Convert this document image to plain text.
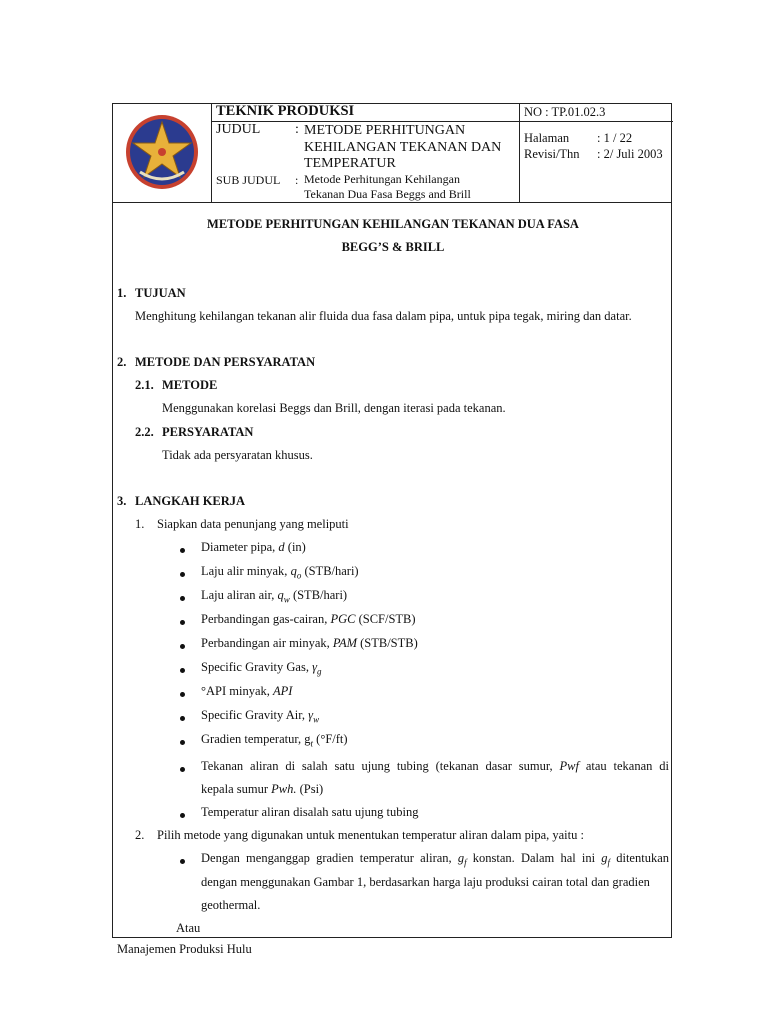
TEKNIK PRODUKSI
JUDUL : METODE PERHITUNGAN
KEHILANGAN TEKANAN DAN
TEMPERATUR
SUB JUDUL : Metode Perhitungan Kehilangan
Tekanan Dua Fasa Beggs and Brill
NO : TP.01.02.3
Halaman : 1 / 22
Revisi/Thn : 2/ Juli 2003
METODE PERHITUNGAN KEHILANGAN TEKANAN DUA FASA
BEGG’S & BRILL
1. TUJUAN
Menghitung kehilangan tekanan alir fluida dua fasa dalam pipa, untuk pipa tegak, miring dan datar.
2. METODE DAN PERSYARATAN
2.1. METODE
Menggunakan korelasi Beggs dan Brill, dengan iterasi pada tekanan.
2.2. PERSYARATAN
Tidak ada persyaratan khusus.
3. LANGKAH KERJA
1. Siapkan data penunjang yang meliputi
Diameter pipa, d (in)
Laju alir minyak, $q_o$ (STB/hari)
Laju aliran air, $q_w$ (STB/hari)
Perbandingan gas-cairan, PGC (SCF/STB)
Perbandingan air minyak, PAM (STB/STB)
Specific Gravity Gas, $\gamma_g$
°API minyak, API
Specific Gravity Air, $\gamma_w$
Gradien temperatur, $g_t$ (°F/ft)
Tekanan aliran di salah satu ujung tubing (tekanan dasar sumur, Pwf atau tekanan di
kepala sumur Pwh. (Psi)
Temperatur aliran disalah satu ujung tubing
2. Pilih metode yang digunakan untuk menentukan temperatur aliran dalam pipa, yaitu :
Dengan menganggap gradien temperatur aliran, $g_f$ konstan. Dalam hal ini $g_f$ ditentukan
dengan menggunakan Gambar 1, berdasarkan harga laju produksi cairan total dan gradien
geothermal.
Atau
Manajemen Produksi Hulu
